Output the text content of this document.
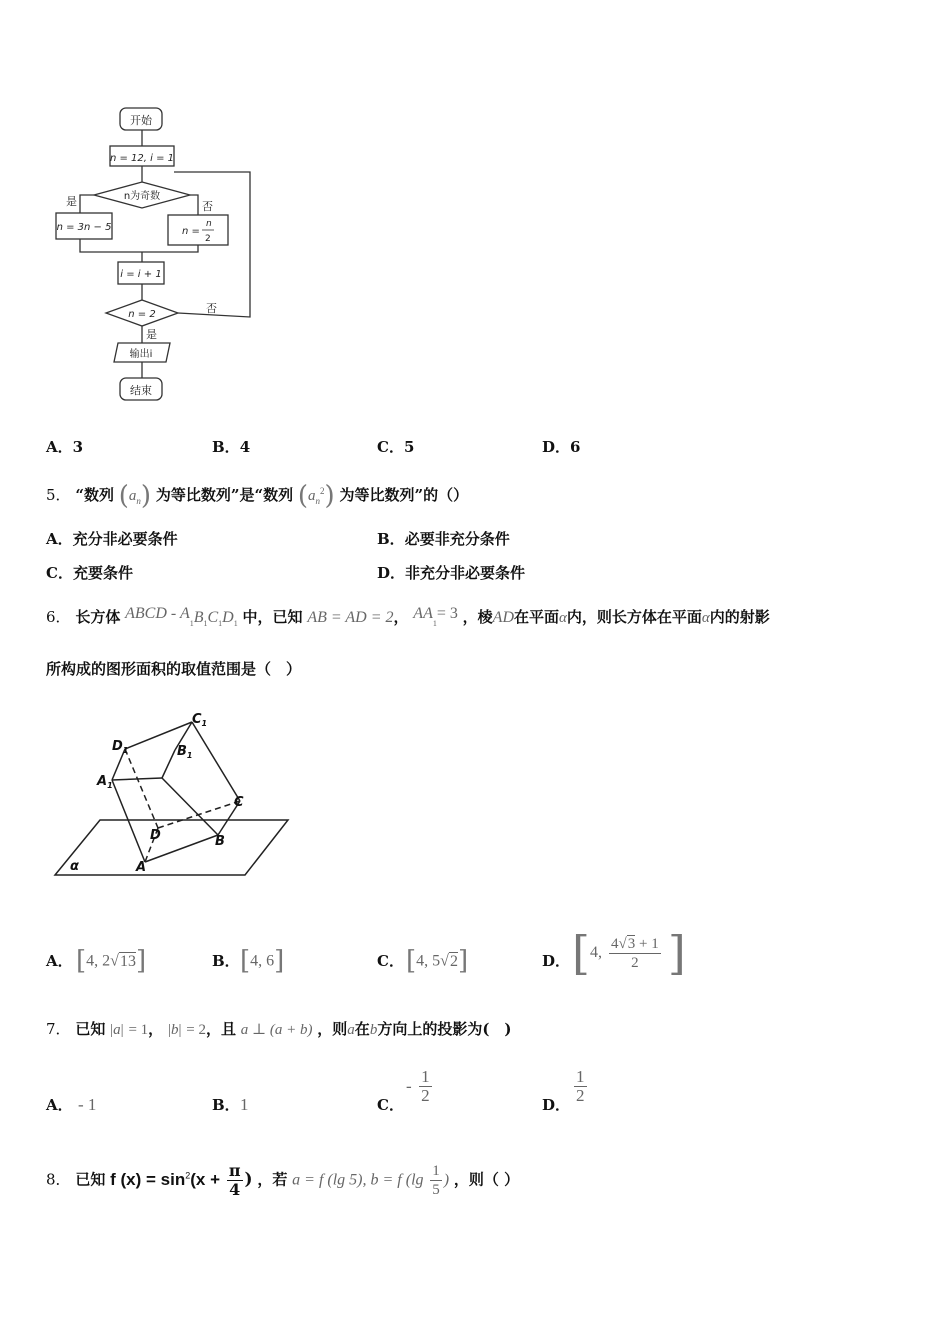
开始
n = 12, i = 1
n为奇数
是	否
n = 3n − 5	n =
n
2
i = i + 1
n = 2	否
是
输出i
结束
A．3	B．4	C．5	D．6
5． “数列 $(a_n)$ 为等比数列”是“数列 $(a_n^2)$ 为等比数列”的（）
A．充分非必要条件	B．必要非充分条件
C．充要条件	D．非充分非必要条件
6． 长方体 ABCD - $A_1B_1C_1D_1$ 中，已知 AB = AD = 2， $AA_1= 3$ ，棱AD在平面α内，则长方体在平面α内的射影
所构成的图形面积的取值范围是（　）
$C_1$
$D_1$	$B_1$
$A_1$
C
D	B
A
α
A． [4, 2√13]	B． [4, 6]	C． [4, 5√2]	D． [4, $\frac{4√3 + 1}{2}$ ]
7． 已知 |a| = 1， |b| = 2，且 a ⊥ (a + b) ，则a在b方向上的投影为(　)
A． - 1	B． 1	C．
- $\frac{1}{2}$	D． $\frac{1}{2}$
8． 已知 f $(x) = \sin^2(x + \frac{\pi}{4}$ ) ，若 a = f (lg 5), b = f ($\lg \frac{1}{5}$ ) ，则（ ）
